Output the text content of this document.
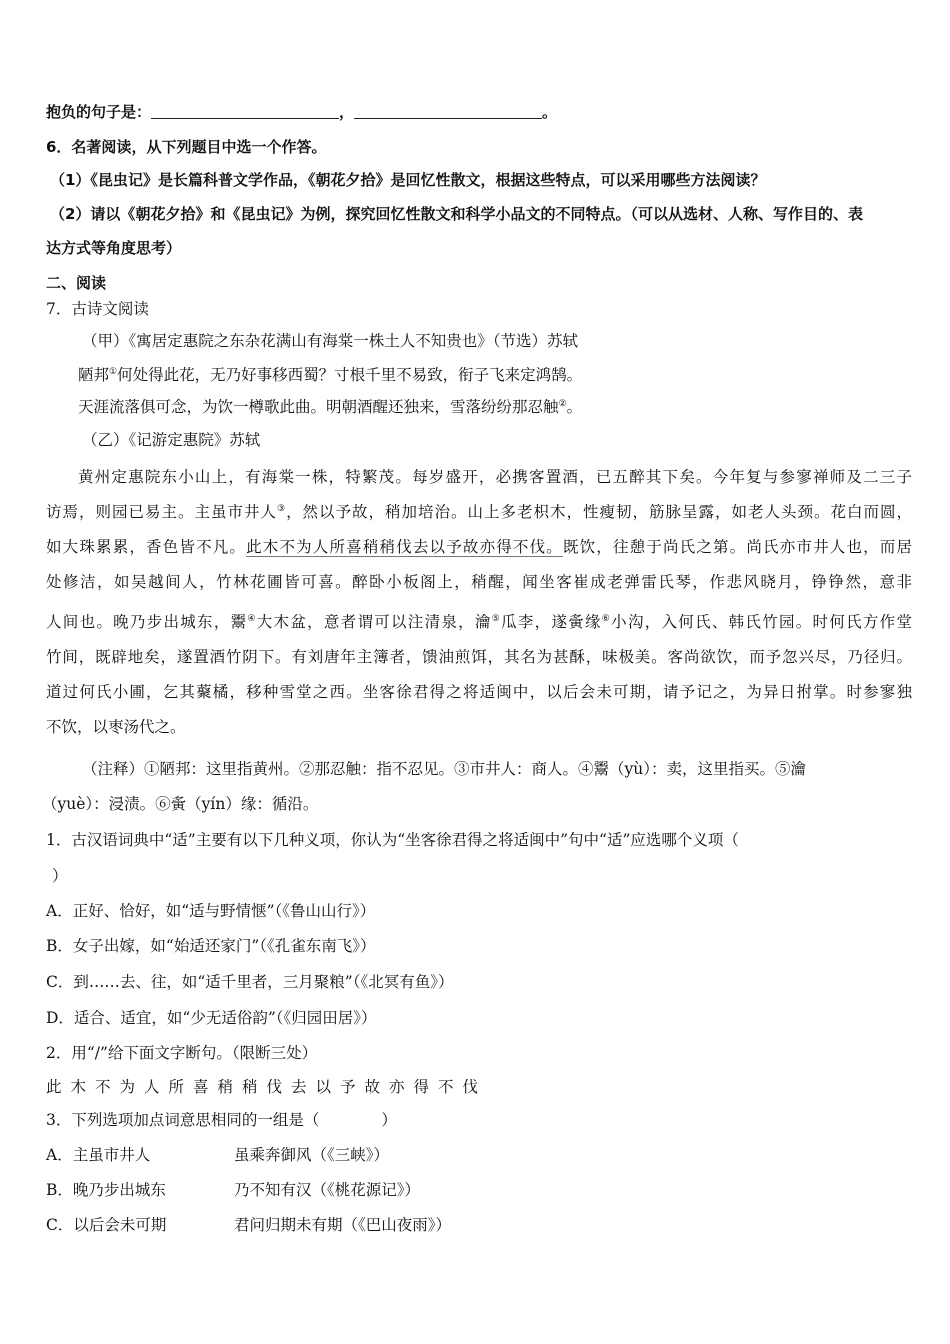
抱负的句子是：	，	。
6．名著阅读，从下列题目中选一个作答。
（1）《昆虫记》是长篇科普文学作品，《朝花夕拾》是回忆性散文，根据这些特点，可以采用哪些方法阅读？
（2）请以《朝花夕拾》和《昆虫记》为例，探究回忆性散文和科学小品文的不同特点。（可以从选材、人称、写作目的、表
达方式等角度思考）
二、阅读
7．古诗文阅读
（甲）《寓居定惠院之东杂花满山有海棠一株土人不知贵也》（节选）苏轼
陋邦①何处得此花，无乃好事移西蜀？寸根千里不易致，衔子飞来定鸿鹄。
天涯流落俱可念，为饮一樽歌此曲。明朝酒醒还独来，雪落纷纷那忍触②。
（乙）《记游定惠院》苏轼
黄州定惠院东小山上，有海棠一株，特繁茂。每岁盛开，必携客置酒，已五醉其下矣。今年复与参寥禅师及二三子
访焉，则园已易主。主虽市井人③，然以予故，稍加培治。山上多老枳木，性瘦韧，筋脉呈露，如老人头颈。花白而圆，
如大珠累累，香色皆不凡。此木不为人所喜稍稍伐去以予故亦得不伐。既饮，往憩于尚氏之第。尚氏亦市井人也，而居
处修洁，如吴越间人，竹林花圃皆可喜。醉卧小板阁上，稍醒，闻坐客崔成老弹雷氏琴，作悲风晓月，铮铮然，意非
人间也。晚乃步出城东，鬻④大木盆，意者谓可以注清泉，瀹⑤瓜李，遂夤缘⑥小沟，入何氏、韩氏竹园。时何氏方作堂
竹间，既辟地矣，遂置酒竹阴下。有刘唐年主簿者，馈油煎饵，其名为甚酥，味极美。客尚欲饮，而予忽兴尽，乃径归。
道过何氏小圃，乞其藂橘，移种雪堂之西。坐客徐君得之将适闽中，以后会未可期，请予记之，为异日拊掌。时参寥独
不饮，以枣汤代之。
（注释）①陋邦：这里指黄州。②那忍触：指不忍见。③市井人：商人。④鬻（yù）：卖，这里指买。⑤瀹
（yuè）：浸渍。⑥夤（yín）缘：循沿。
1．古汉语词典中“适”主要有以下几种义项，你认为“坐客徐君得之将适闽中”句中“适”应选哪个义项（
）
A．正好、恰好，如“适与野情惬”（《鲁山山行》）
B．女子出嫁，如“始适还家门”（《孔雀东南飞》）
C．到……去、往，如“适千里者，三月聚粮”（《北冥有鱼》）
D．适合、适宜，如“少无适俗韵”（《归园田居》）
2．用“/”给下面文字断句。（限断三处）
此木不为人所喜稍稍伐去以予故亦得不伐
3．下列选项加点词意思相同的一组是（　　　　）
A．主虽市井人	虽乘奔御风（《三峡》）
B．晚乃步出城东	乃不知有汉（《桃花源记》）
C．以后会未可期	君问归期未有期（《巴山夜雨》）
